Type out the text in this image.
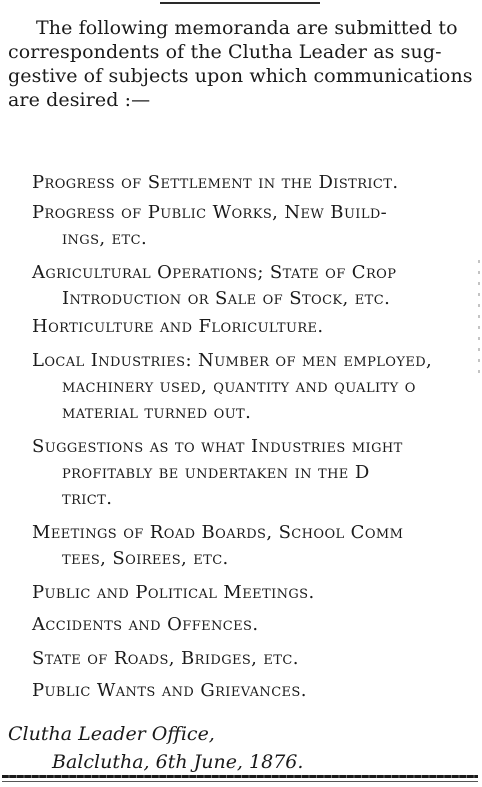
The following memoranda are submitted to
correspondents of the Clutha Leader as sug-
gestive of subjects upon which communications
are desired :—
Progress of Settlement in the District.
Progress of Public Works, New Build-
ings, etc.
Agricultural Operations; State of Crop
Introduction or Sale of Stock, etc.
Horticulture and Floriculture.
Local Industries: Number of men employed,
machinery used, quantity and quality o
material turned out.
Suggestions as to what Industries might
profitably be undertaken in the D
trict.
Meetings of Road Boards, School Comm
tees, Soirees, etc.
Public and Political Meetings.
Accidents and Offences.
State of Roads, Bridges, etc.
Public Wants and Grievances.
Clutha Leader Office,
Balclutha, 6th June, 1876.
